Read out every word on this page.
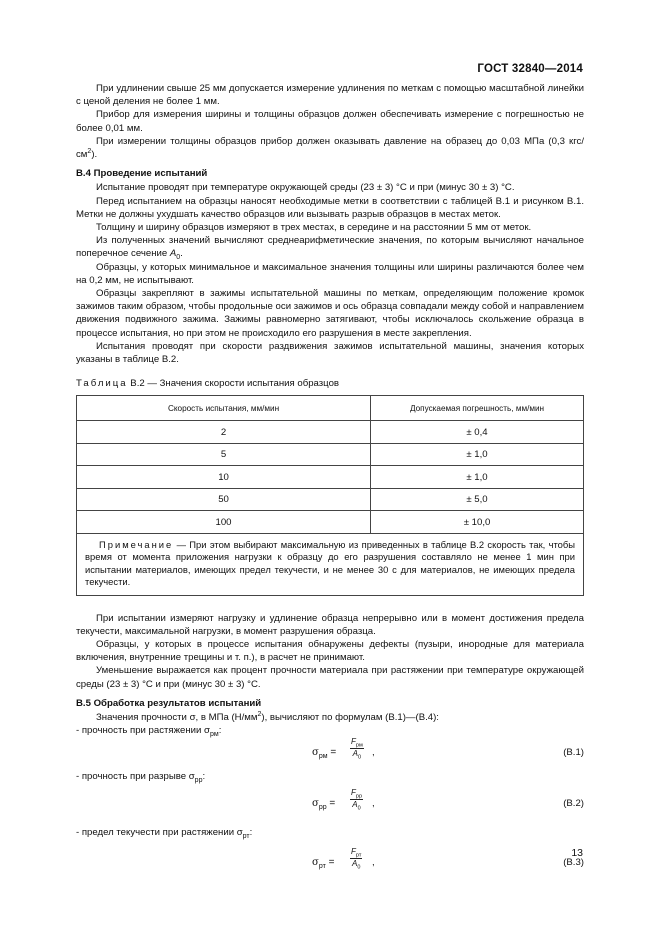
ГОСТ 32840—2014

При удлинении свыше 25 мм допускается измерение удлинения по меткам с помощью масштабной линейки с ценой деления не более 1 мм.

Прибор для измерения ширины и толщины образцов должен обеспечивать измерение с погрешностью не более 0,01 мм.

При измерении толщины образцов прибор должен оказывать давление на образец до 0,03 МПа (0,3 кгс/$см^2$).

В.4 Проведение испытаний

Испытание проводят при температуре окружающей среды (23 ± 3) °С и при (минус 30 ± 3) °С.

Перед испытанием на образцы наносят необходимые метки в соответствии с таблицей В.1 и рисунком В.1. Метки не должны ухудшать качество образцов или вызывать разрыв образцов в местах меток.

Толщину и ширину образцов измеряют в трех местах, в середине и на расстоянии 5 мм от меток.

Из полученных значений вычисляют среднеарифметические значения, по которым вычисляют начальное поперечное сечение $A_0$.

Образцы, у которых минимальное и максимальное значения толщины или ширины различаются более чем на 0,2 мм, не испытывают.

Образцы закрепляют в зажимы испытательной машины по меткам, определяющим положение кромок зажимов таким образом, чтобы продольные оси зажимов и ось образца совпадали между собой и направлением движения подвижного зажима. Зажимы равномерно затягивают, чтобы исключалось скольжение образца в процессе испытания, но при этом не происходило его разрушения в месте закрепления.

Испытания проводят при скорости раздвижения зажимов испытательной машины, значения которых указаны в таблице В.2.

Таблица В.2 — Значения скорости испытания образцов

Скорость испытания, мм/мин	Допускаемая погрешность, мм/мин
2	± 0,4
5	± 1,0
10	± 1,0
50	± 5,0
100	± 10,0
Примечание — При этом выбирают максимальную из приведенных в таблице В.2 скорость так, чтобы время от момента приложения нагрузки к образцу до его разрушения составляло не менее 1 мин при испытании материалов, имеющих предел текучести, и не менее 30 с для материалов, не имеющих предела текучести.	

При испытании измеряют нагрузку и удлинение образца непрерывно или в момент достижения предела текучести, максимальной нагрузки, в момент разрушения образца.

Образцы, у которых в процессе испытания обнаружены дефекты (пузыри, инородные для материала включения, внутренние трещины и т. п.), в расчет не принимают.

Уменьшение выражается как процент прочности материала при растяжении при температуре окружающей среды (23 ± 3) °С и при (минус 30 ± 3) °С.

В.5 Обработка результатов испытаний

Значения прочности σ, в МПа $(Н/мм^2)$, вычисляют по формулам (В.1)—(В.4):

- прочность при растяжении $\sigma_{рм}$:

$\sigma_{рм}$ =
$F_{рм}$
$A_0$ ,	(В.1)

- прочность при разрыве $\sigma_{рр}$:

$\sigma_{рр}$ =
$F_{рр}$
$A_0$ ,	(В.2)

- предел текучести при растяжении $\sigma_{рт}$:

$\sigma_{рт}$ =
$F_{рт}$
$A_0$ ,	(В.3)
13
